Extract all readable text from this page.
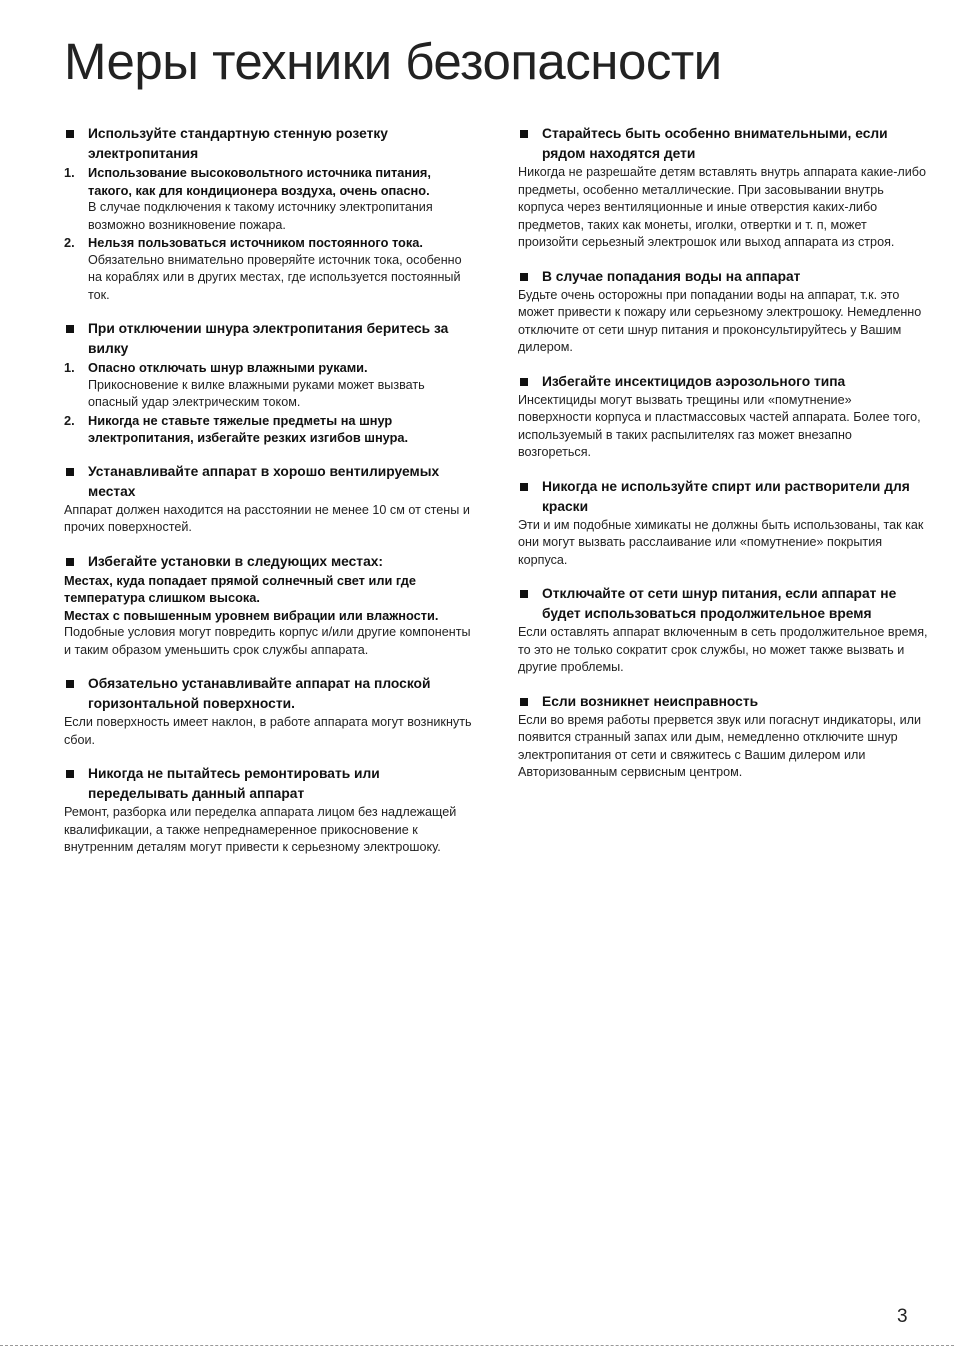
Меры техники безопасности
Используйте стандартную стенную розетку электропитания
1. Использование высоковольтного источника питания, такого, как для кондиционера воздуха, очень опасно.
В случае подключения к такому источнику электропитания возможно возникновение пожара.
2. Нельзя пользоваться источником постоянного тока.
Обязательно внимательно проверяйте источник тока, особенно на кораблях или в других местах, где используется постоянный ток.
При отключении шнура электропитания беритесь за вилку
1. Опасно отключать шнур влажными руками.
Прикосновение к вилке влажными руками может вызвать опасный удар электрическим током.
2. Никогда не ставьте тяжелые предметы на шнур электропитания, избегайте резких изгибов шнура.
Устанавливайте аппарат в хорошо вентилируемых местах
Аппарат должен находится на расстоянии не менее 10 см от стены и прочих поверхностей.
Избегайте установки в следующих местах:
Местах, куда попадает прямой солнечный свет или где температура слишком высока.
Местах с повышенным уровнем вибрации или влажности.
Подобные условия могут повредить корпус и/или другие компоненты и таким образом уменьшить срок службы аппарата.
Обязательно устанавливайте аппарат на плоской горизонтальной поверхности.
Если поверхность имеет наклон, в работе аппарата могут возникнуть сбои.
Никогда не пытайтесь ремонтировать или переделывать данный аппарат
Ремонт, разборка или переделка аппарата лицом без надлежащей квалификации, а также непреднамеренное прикосновение к внутренним деталям могут привести к серьезному электрошоку.
Старайтесь быть особенно внимательными, если рядом находятся дети
Никогда не разрешайте детям вставлять внутрь аппарата какие-либо предметы, особенно металлические. При засовывании внутрь корпуса через вентиляционные и иные отверстия каких-либо предметов, таких как монеты, иголки, отвертки и т. п, может произойти серьезный электрошок или выход аппарата из строя.
В случае попадания воды на аппарат
Будьте очень осторожны при попадании воды на аппарат, т.к. это может привести к пожару или серьезному электрошоку. Немедленно отключите от сети шнур питания и проконсультируйтесь у Вашим дилером.
Избегайте инсектицидов аэрозольного типа
Инсектициды могут вызвать трещины или «помутнение» поверхности корпуса и пластмассовых частей аппарата. Более того, используемый в таких распылителях газ может внезапно возгореться.
Никогда не используйте спирт или растворители для краски
Эти и им подобные химикаты не должны быть использованы, так как они могут вызвать расслаивание или «помутнение» покрытия корпуса.
Отключайте от сети шнур питания, если аппарат не будет использоваться продолжительное время
Если оставлять аппарат включенным в сеть продолжительное время, то это не только сократит срок службы, но может также вызвать и другие проблемы.
Если возникнет неисправность
Если во время работы прервется звук или погаснут индикаторы, или появится странный запах или дым, немедленно отключите шнур электропитания от сети и свяжитесь с Вашим дилером или Авторизованным сервисным центром.
3
